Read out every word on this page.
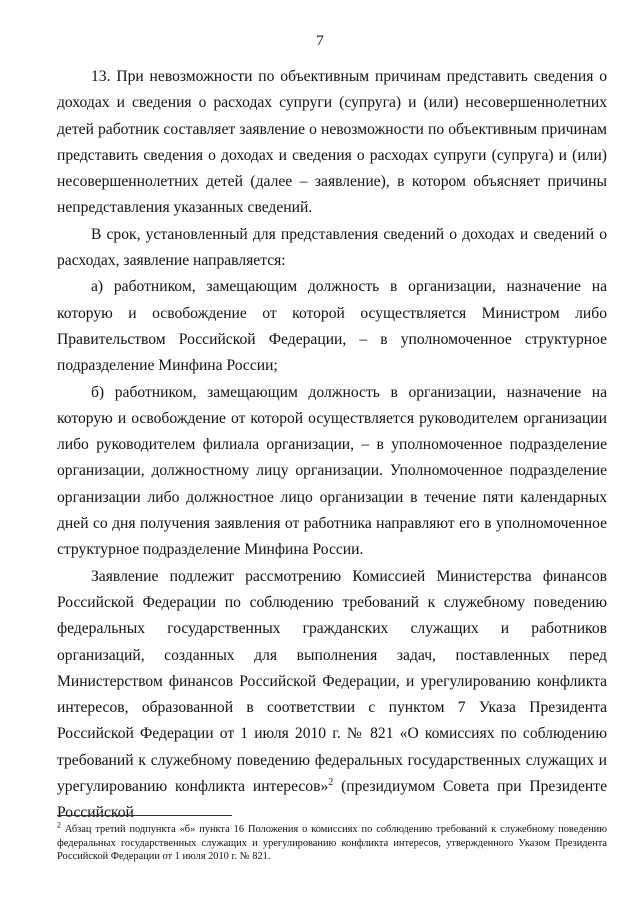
7

13. При невозможности по объективным причинам представить сведения о доходах и сведения о расходах супруги (супруга) и (или) несовершеннолетних детей работник составляет заявление о невозможности по объективным причинам представить сведения о доходах и сведения о расходах супруги (супруга) и (или) несовершеннолетних детей (далее – заявление), в котором объясняет причины непредставления указанных сведений.

В срок, установленный для представления сведений о доходах и сведений о расходах, заявление направляется:

а) работником, замещающим должность в организации, назначение на которую и освобождение от которой осуществляется Министром либо Правительством Российской Федерации, – в уполномоченное структурное подразделение Минфина России;

б) работником, замещающим должность в организации, назначение на которую и освобождение от которой осуществляется руководителем организации либо руководителем филиала организации, – в уполномоченное подразделение организации, должностному лицу организации. Уполномоченное подразделение организации либо должностное лицо организации в течение пяти календарных дней со дня получения заявления от работника направляют его в уполномоченное структурное подразделение Минфина России.

Заявление подлежит рассмотрению Комиссией Министерства финансов Российской Федерации по соблюдению требований к служебному поведению федеральных государственных гражданских служащих и работников организаций, созданных для выполнения задач, поставленных перед Министерством финансов Российской Федерации, и урегулированию конфликта интересов, образованной в соответствии с пунктом 7 Указа Президента Российской Федерации от 1 июля 2010 г. № 821 «О комиссиях по соблюдению требований к служебному поведению федеральных государственных служащих и урегулированию конфликта интересов»$^2$ (президиумом Совета при Президенте Российской

$^2$ Абзац третий подпункта «б» пункта 16 Положения о комиссиях по соблюдению требований к служебному поведению федеральных государственных служащих и урегулированию конфликта интересов, утвержденного Указом Президента Российской Федерации от 1 июля 2010 г. № 821.
